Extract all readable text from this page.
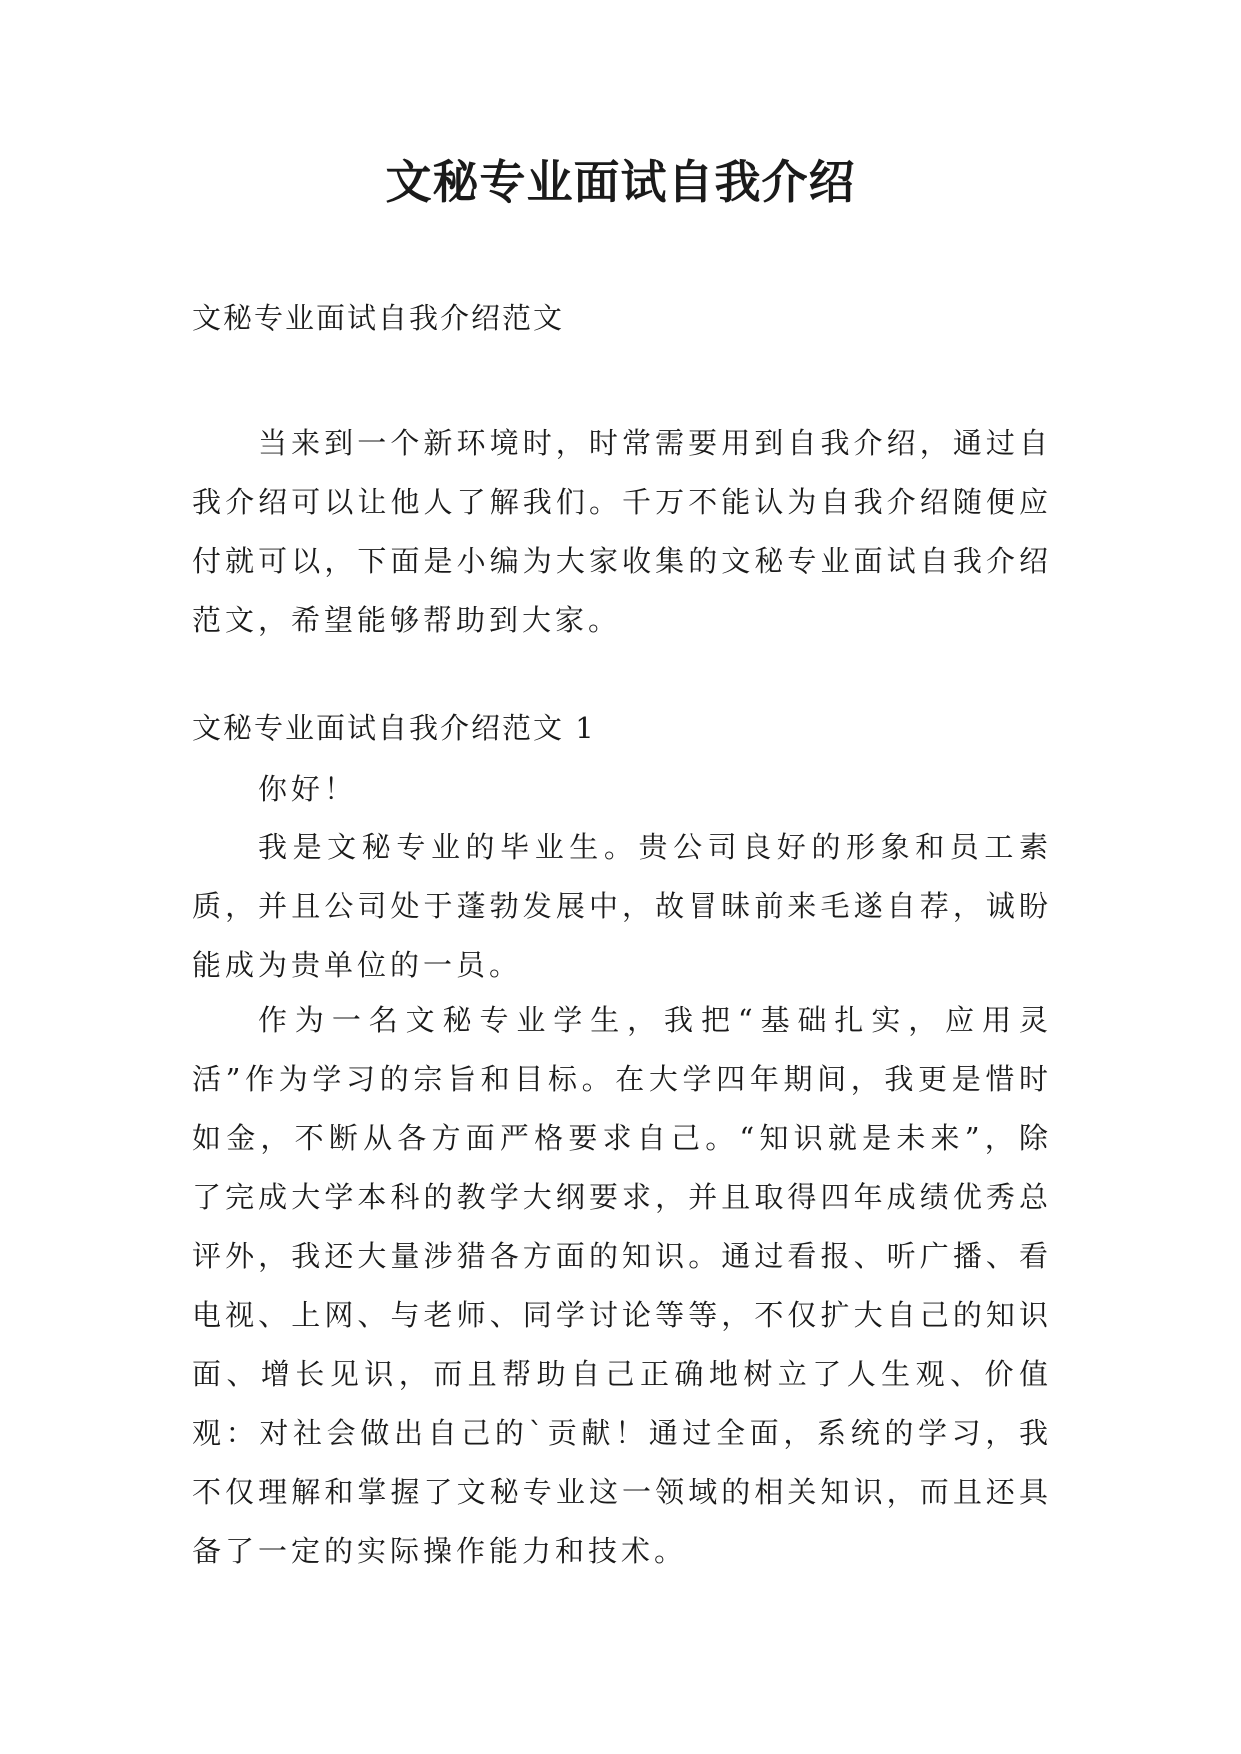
文秘专业面试自我介绍
文秘专业面试自我介绍范文

当来到一个新环境时，时常需要用到自我介绍，通过自我介绍可以让他人了解我们。千万不能认为自我介绍随便应付就可以，下面是小编为大家收集的文秘专业面试自我介绍范文，希望能够帮助到大家。

文秘专业面试自我介绍范文 1

你好！

我是文秘专业的毕业生。贵公司良好的形象和员工素质，并且公司处于蓬勃发展中，故冒昧前来毛遂自荐，诚盼能成为贵单位的一员。

作为一名文秘专业学生，我把“基础扎实，应用灵活”作为学习的宗旨和目标。在大学四年期间，我更是惜时如金，不断从各方面严格要求自己。“知识就是未来”，除了完成大学本科的教学大纲要求，并且取得四年成绩优秀总评外，我还大量涉猎各方面的知识。通过看报、听广播、看电视、上网、与老师、同学讨论等等，不仅扩大自己的知识面、增长见识，而且帮助自己正确地树立了人生观、价值观：对社会做出自己的`贡献！通过全面，系统的学习，我不仅理解和掌握了文秘专业这一领域的相关知识，而且还具备了一定的实际操作能力和技术。
